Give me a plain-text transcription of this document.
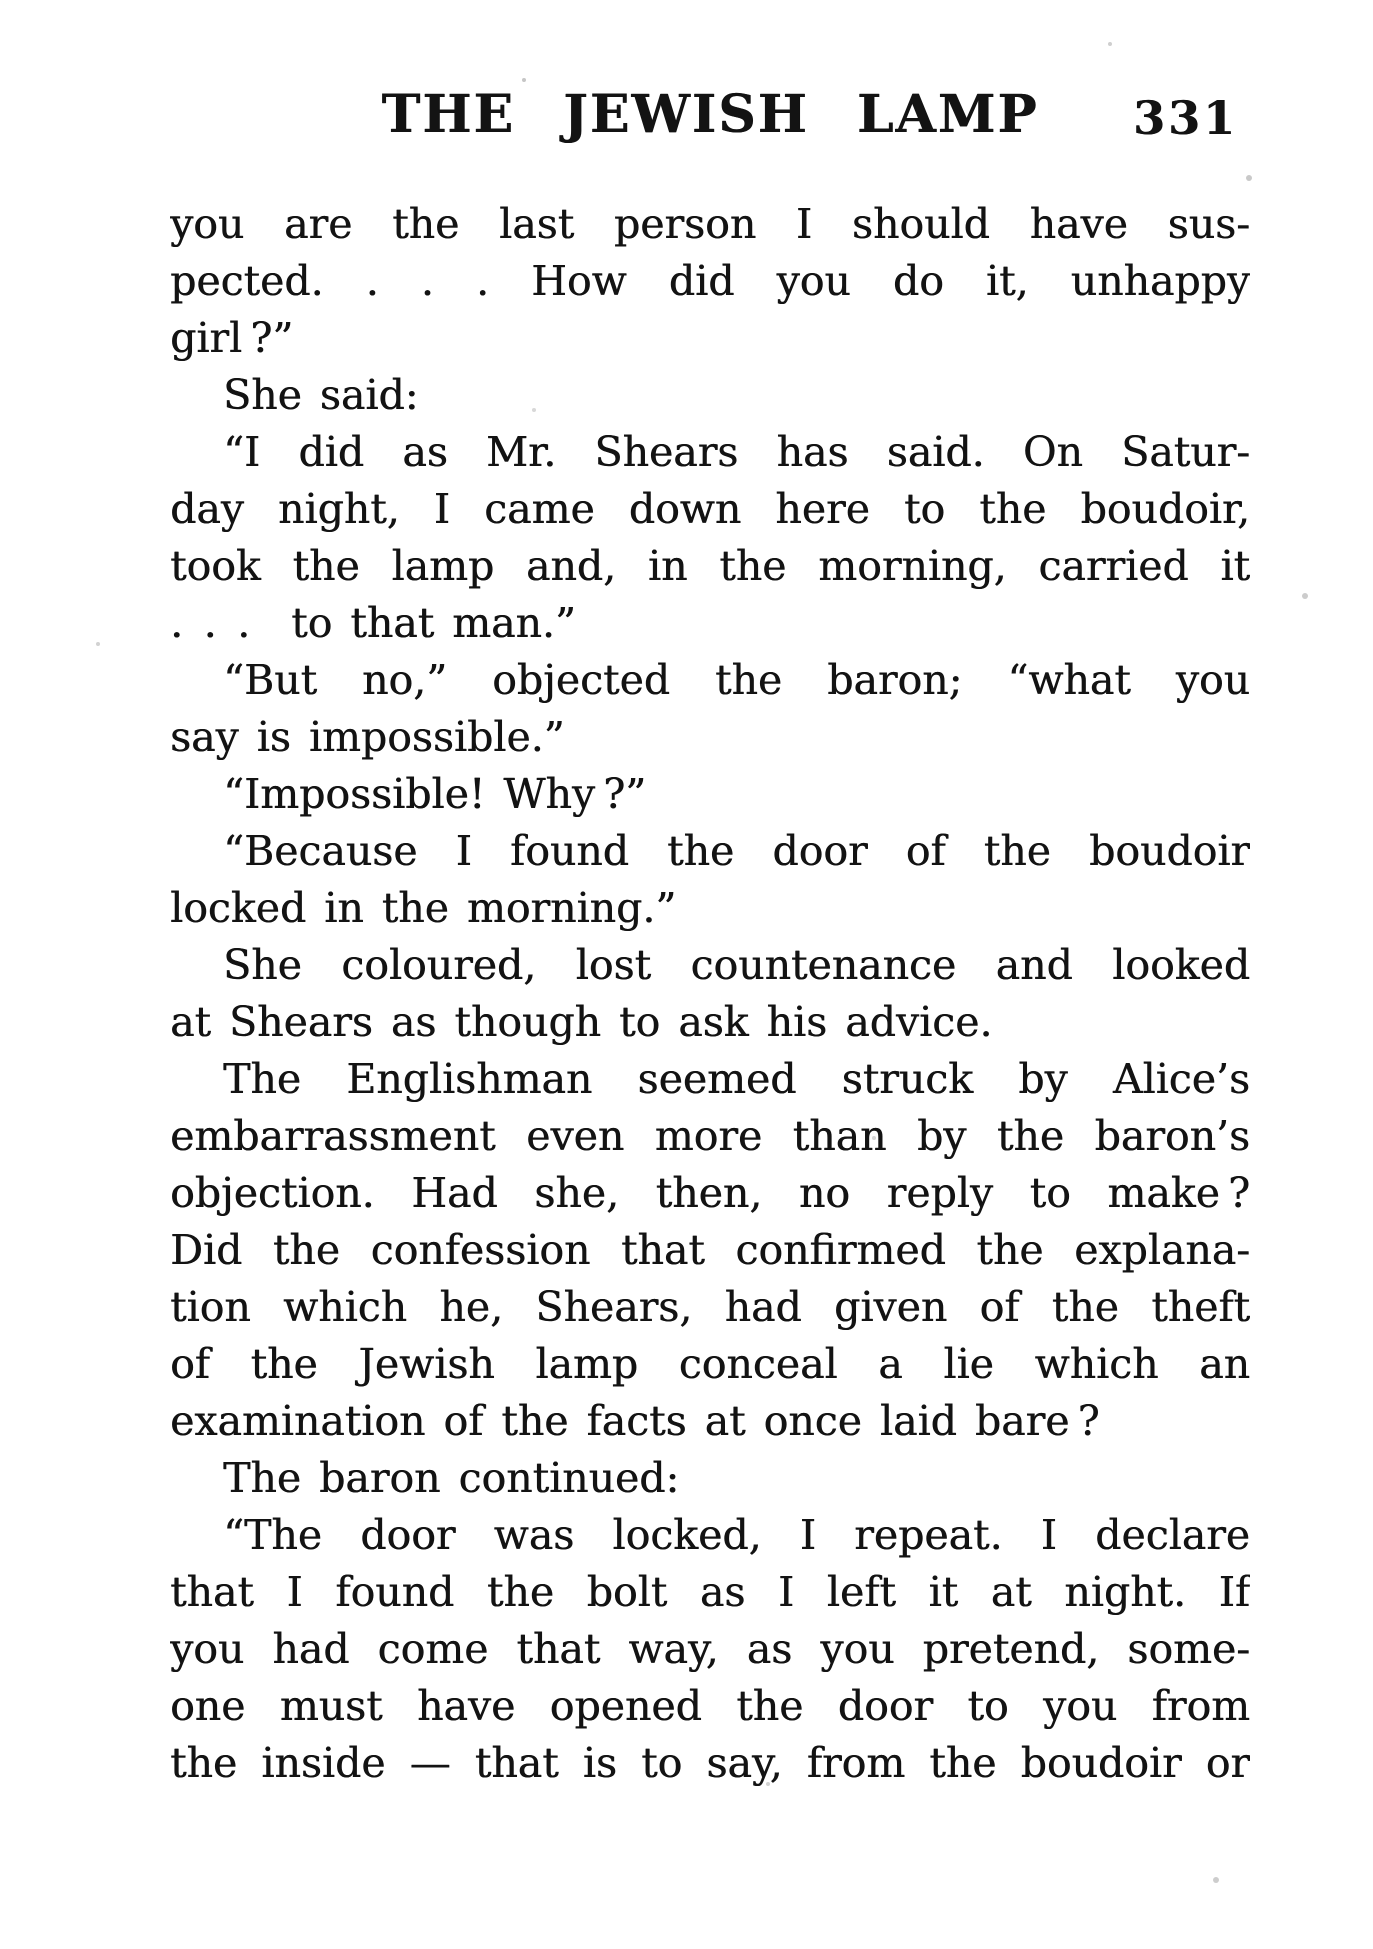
THE JEWISH LAMP	331
you are the last person I should have sus-
pected. . . . How did you do it, unhappy
girl ?”
She said:
“I did as Mr. Shears has said. On Satur-
day night, I came down here to the boudoir,
took the lamp and, in the morning, carried it
. . .  to that man.”
“But no,” objected the baron; “what you
say is impossible.”
“Impossible! Why ?”
“Because I found the door of the boudoir
locked in the morning.”
She coloured, lost countenance and looked
at Shears as though to ask his advice.
The Englishman seemed struck by Alice’s
embarrassment even more than by the baron’s
objection. Had she, then, no reply to make ?
Did the confession that confirmed the explana-
tion which he, Shears, had given of the theft
of the Jewish lamp conceal a lie which an
examination of the facts at once laid bare ?
The baron continued:
“The door was locked, I repeat. I declare
that I found the bolt as I left it at night. If
you had come that way, as you pretend, some-
one must have opened the door to you from
the inside — that is to say, from the boudoir or
